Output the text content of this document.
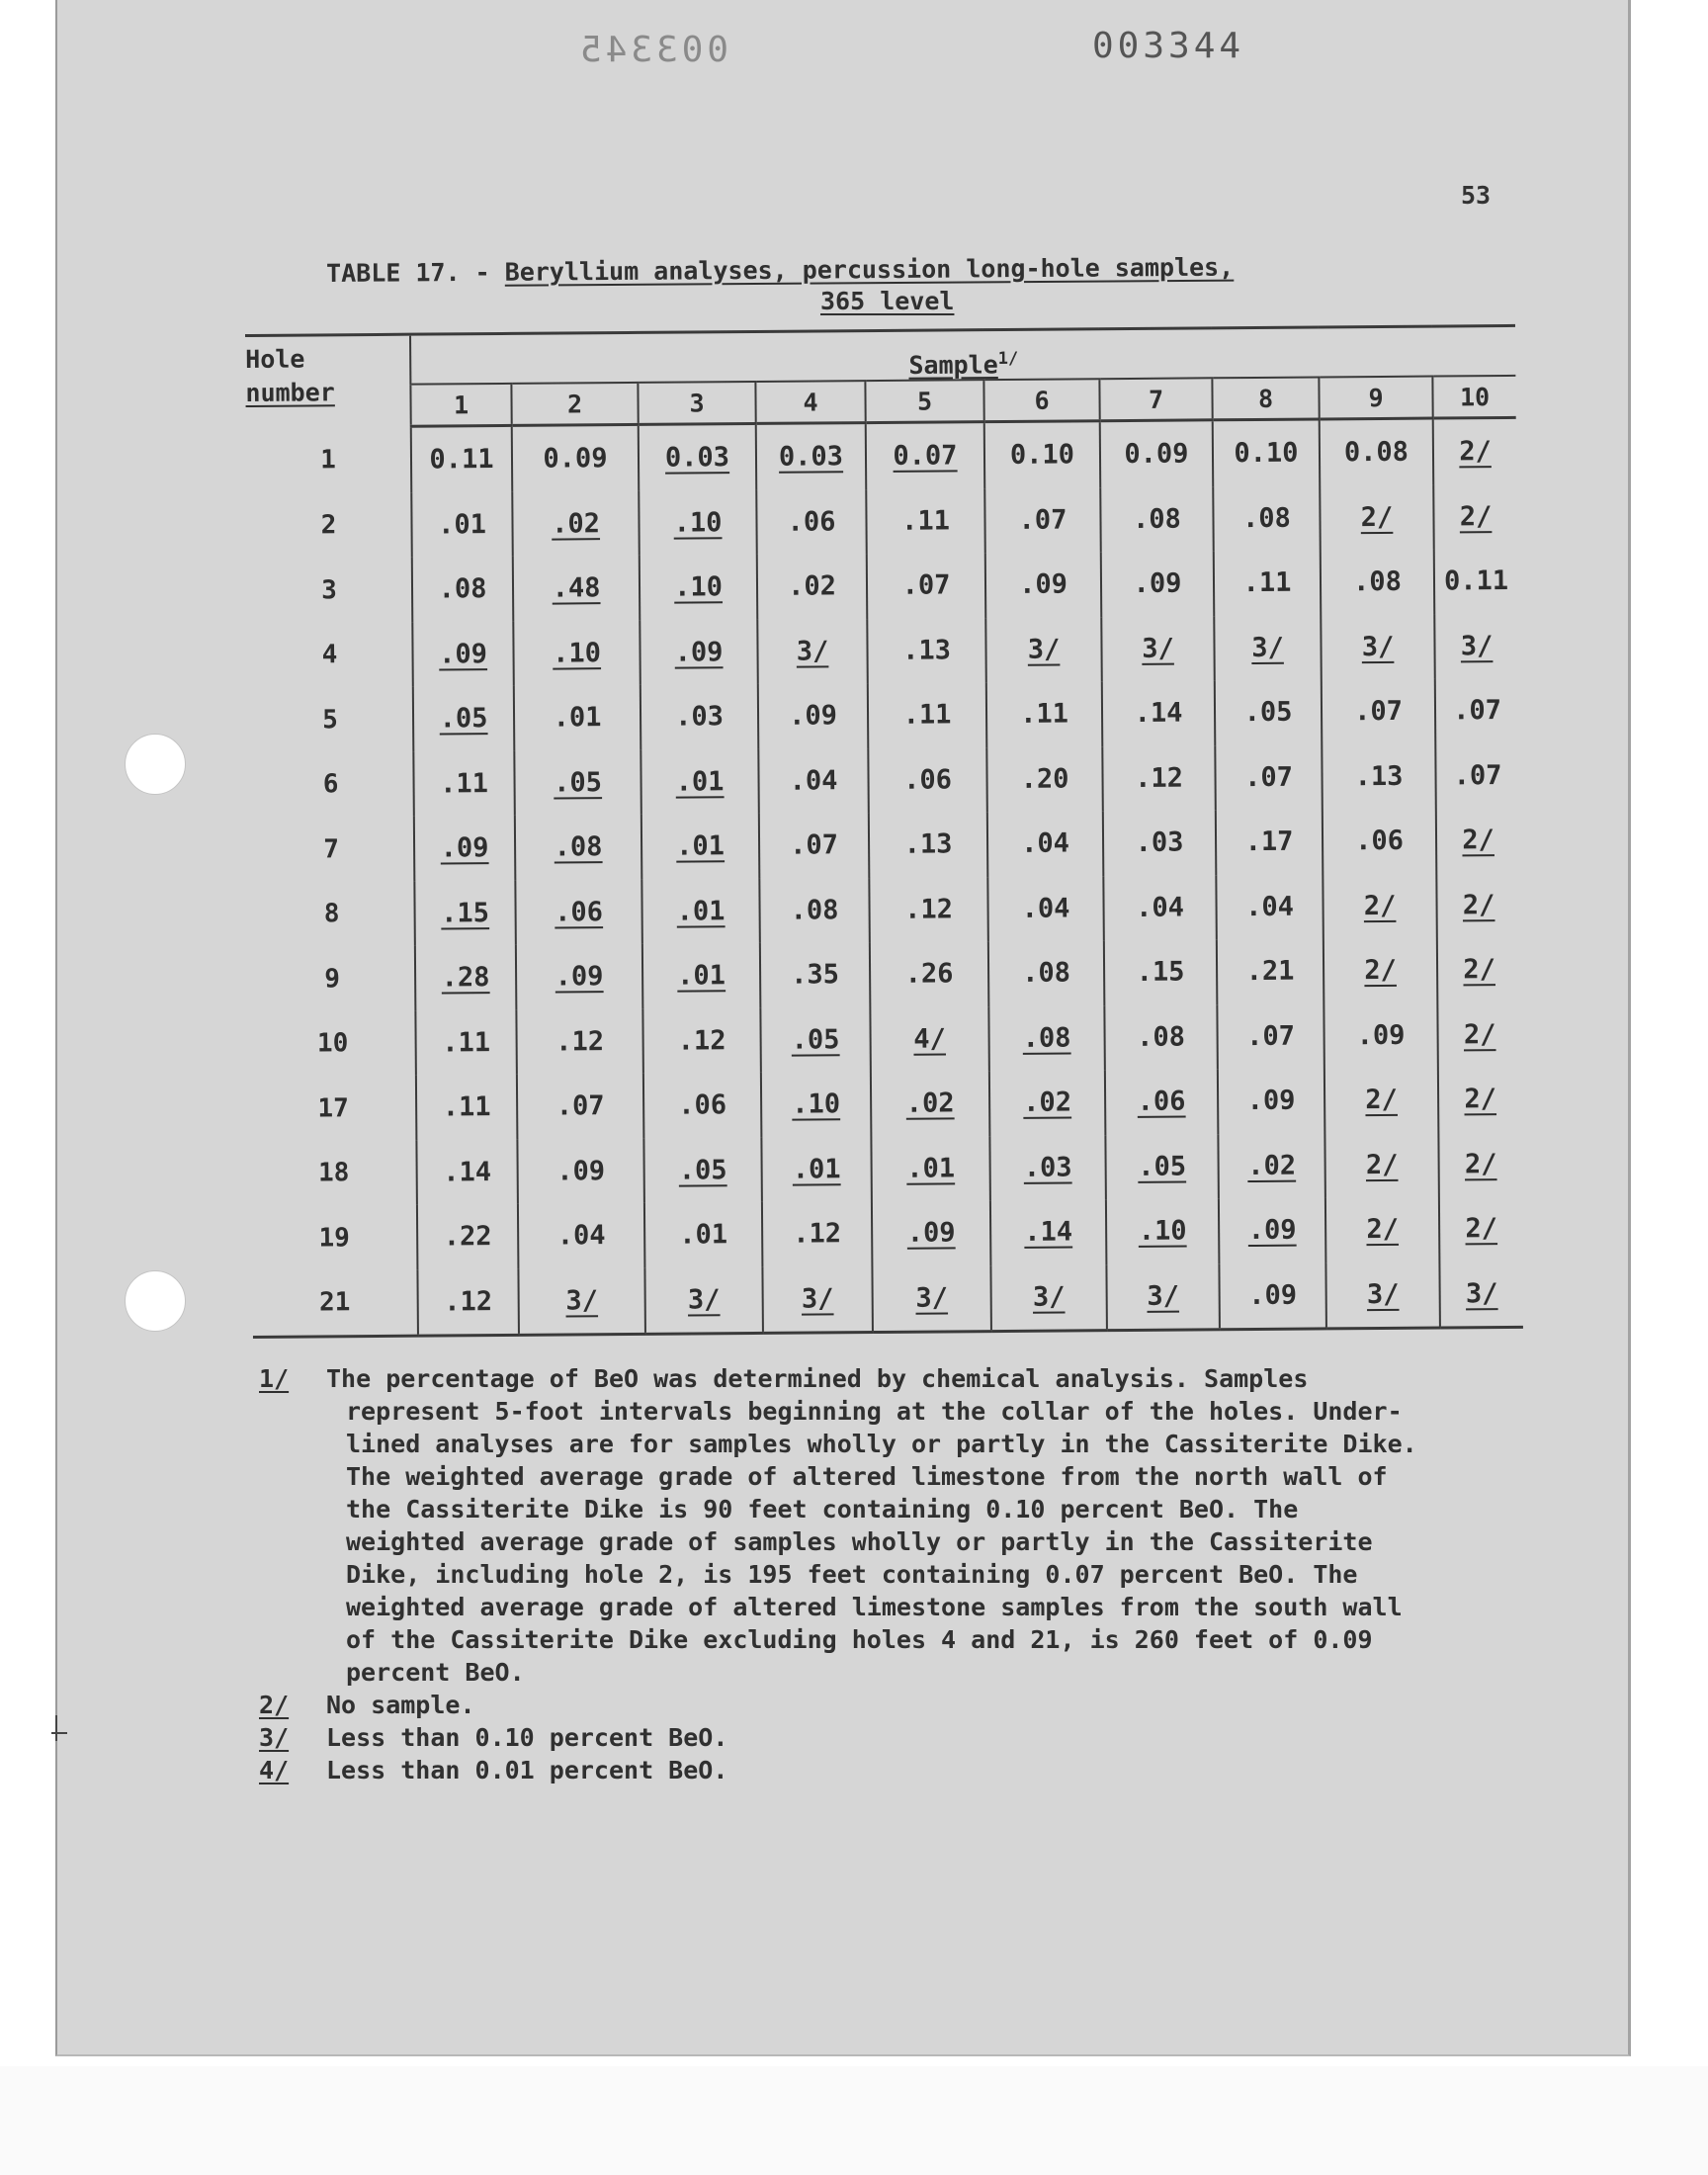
003345	003344
53
TABLE 17. - Beryllium analyses, percussion long-hole samples,
365 level
Hole
number	Sample$^{1/}$
	1	2	3	4	5	6	7	8	9	10
1	0.11	0.09	0.03	0.03	0.07	0.10	0.09	0.10	0.08	2/
2	.01	.02	.10	.06	.11	.07	.08	.08	2/	2/
3	.08	.48	.10	.02	.07	.09	.09	.11	.08	0.11
4	.09	.10	.09	3/	.13	3/	3/	3/	3/	3/
5	.05	.01	.03	.09	.11	.11	.14	.05	.07	.07
6	.11	.05	.01	.04	.06	.20	.12	.07	.13	.07
7	.09	.08	.01	.07	.13	.04	.03	.17	.06	2/
8	.15	.06	.01	.08	.12	.04	.04	.04	2/	2/
9	.28	.09	.01	.35	.26	.08	.15	.21	2/	2/
10	.11	.12	.12	.05	4/	.08	.08	.07	.09	2/
17	.11	.07	.06	.10	.02	.02	.06	.09	2/	2/
18	.14	.09	.05	.01	.01	.03	.05	.02	2/	2/
19	.22	.04	.01	.12	.09	.14	.10	.09	2/	2/
21	.12	3/	3/	3/	3/	3/	3/	.09	3/	3/
1/	The percentage of BeO was determined by chemical analysis. Samples
represent 5-foot intervals beginning at the collar of the holes. Under-
lined analyses are for samples wholly or partly in the Cassiterite Dike.
The weighted average grade of altered limestone from the north wall of
the Cassiterite Dike is 90 feet containing 0.10 percent BeO. The
weighted average grade of samples wholly or partly in the Cassiterite
Dike, including hole 2, is 195 feet containing 0.07 percent BeO. The
weighted average grade of altered limestone samples from the south wall
of the Cassiterite Dike excluding holes 4 and 21, is 260 feet of 0.09
percent BeO.
2/	No sample.
3/	Less than 0.10 percent BeO.
4/	Less than 0.01 percent BeO.
